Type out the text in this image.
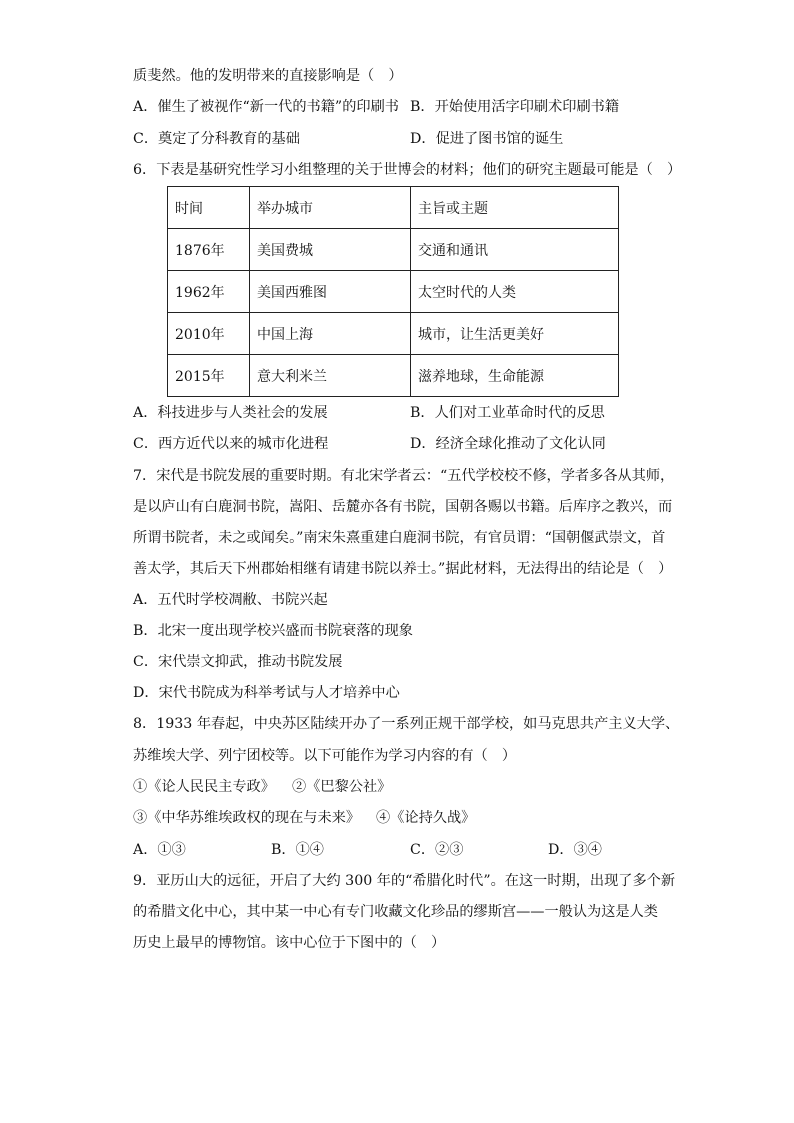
质斐然。他的发明带来的直接影响是（　）
A．催生了被视作“新一代的书籍”的印刷书 B．开始使用活字印刷术印刷书籍
C．奠定了分科教育的基础	D．促进了图书馆的诞生
6．下表是基研究性学习小组整理的关于世博会的材料；他们的研究主题最可能是（　）
时间	举办城市	主旨或主题
1876年	美国费城	交通和通讯
1962年	美国西雅图	太空时代的人类
2010年	中国上海	城市，让生活更美好
2015年	意大利米兰	滋养地球，生命能源
A．科技进步与人类社会的发展	B．人们对工业革命时代的反思
C．西方近代以来的城市化进程	D．经济全球化推动了文化认同
7．宋代是书院发展的重要时期。有北宋学者云：“五代学校校不修，学者多各从其师，
是以庐山有白鹿洞书院，嵩阳、岳麓亦各有书院，国朝各赐以书籍。后库序之教兴，而
所谓书院者，未之或闻矣。”南宋朱熹重建白鹿洞书院，有官员谓：“国朝偃武崇文，首
善太学，其后天下州郡始相继有请建书院以养士。”据此材料，无法得出的结论是（　）
A．五代时学校凋敝、书院兴起
B．北宋一度出现学校兴盛而书院衰落的现象
C．宋代崇文抑武，推动书院发展
D．宋代书院成为科举考试与人才培养中心
8．1933 年春起，中央苏区陆续开办了一系列正规干部学校，如马克思共产主义大学、
苏维埃大学、列宁团校等。以下可能作为学习内容的有（　）
①《论人民民主专政》 ②《巴黎公社》
③《中华苏维埃政权的现在与未来》 ④《论持久战》
A．①③	B．①④	C．②③	D．③④
9．亚历山大的远征，开启了大约 300 年的“希腊化时代”。在这一时期，出现了多个新
的希腊文化中心，其中某一中心有专门收藏文化珍品的缪斯宫——一般认为这是人类
历史上最早的博物馆。该中心位于下图中的（　）
